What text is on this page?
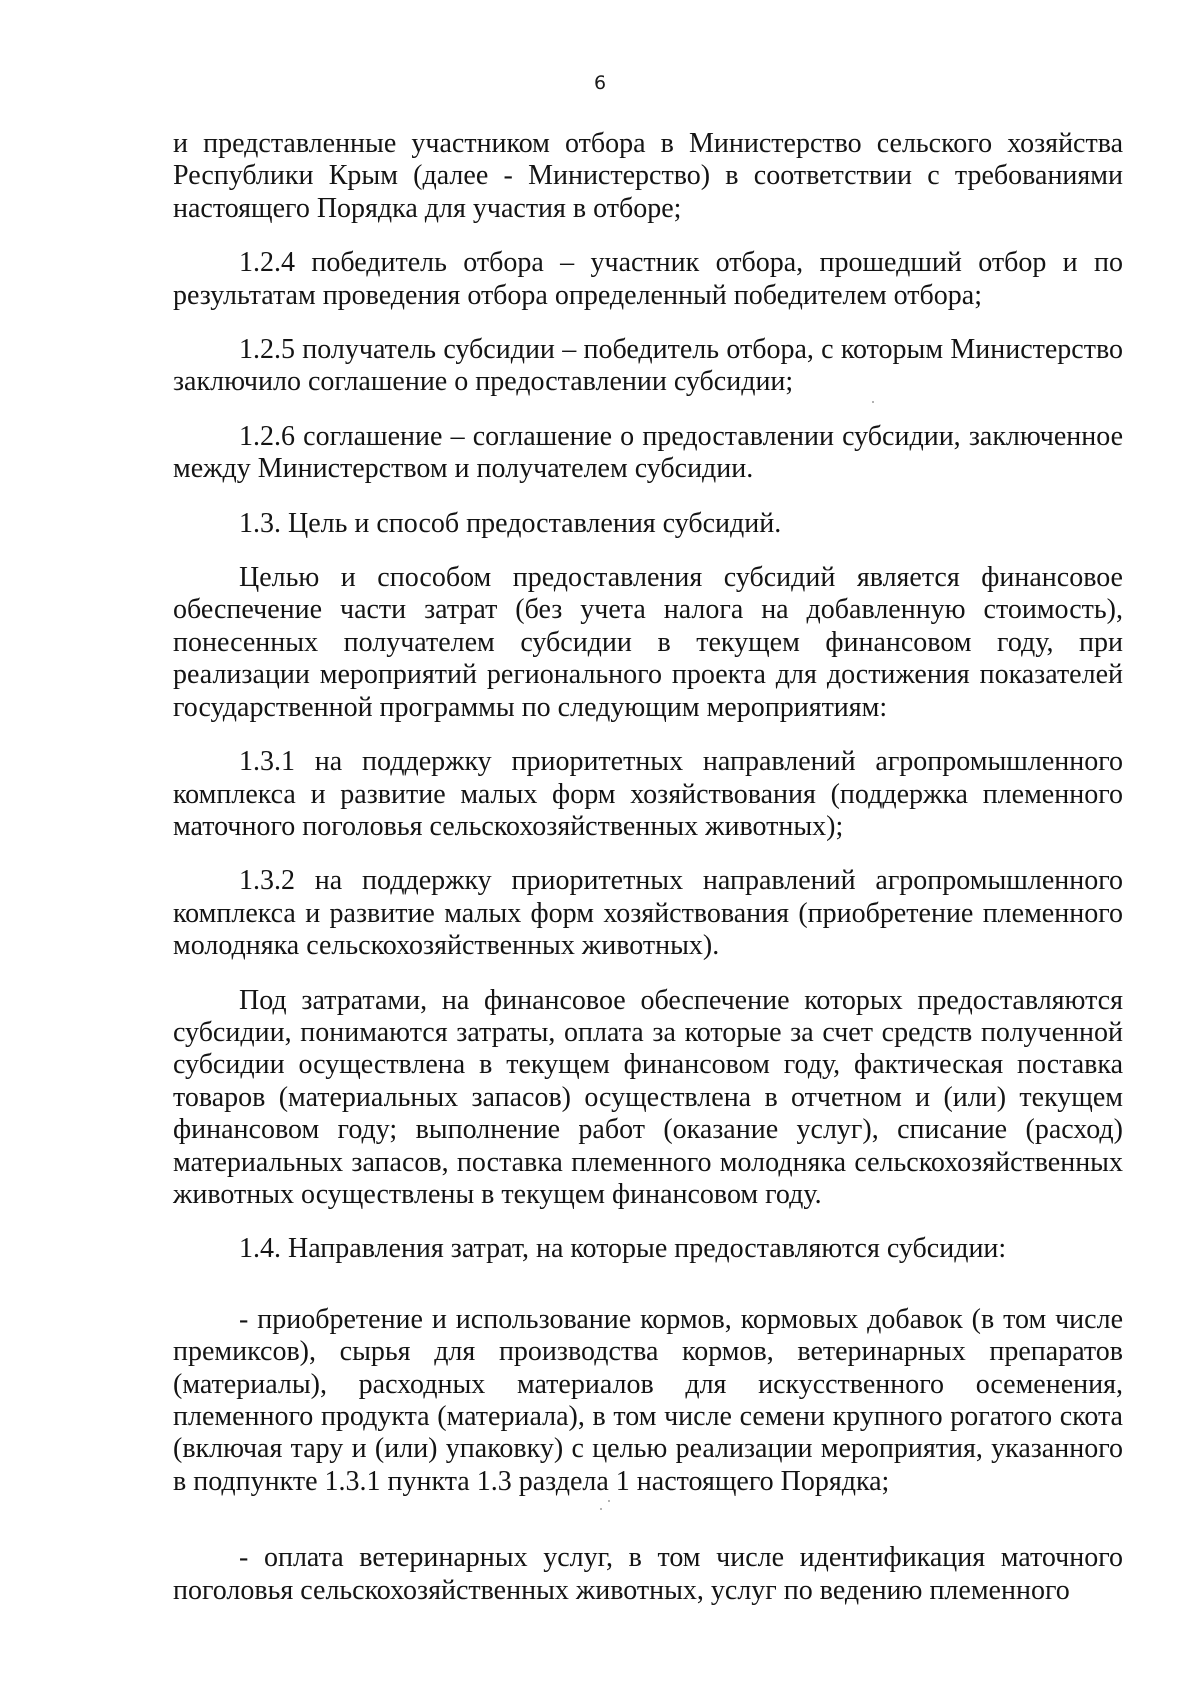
6

и представленные участником отбора в Министерство сельского хозяйства Республики Крым (далее - Министерство) в соответствии с требованиями настоящего Порядка для участия в отборе;

1.2.4 победитель отбора – участник отбора, прошедший отбор и по результатам проведения отбора определенный победителем отбора;

1.2.5 получатель субсидии – победитель отбора, с которым Министерство заключило соглашение о предоставлении субсидии;

1.2.6 соглашение – соглашение о предоставлении субсидии, заключенное между Министерством и получателем субсидии.

1.3. Цель и способ предоставления субсидий.

Целью и способом предоставления субсидий является финансовое обеспечение части затрат (без учета налога на добавленную стоимость), понесенных получателем субсидии в текущем финансовом году, при реализации мероприятий регионального проекта для достижения показателей государственной программы по следующим мероприятиям:

1.3.1 на поддержку приоритетных направлений агропромышленного комплекса и развитие малых форм хозяйствования (поддержка племенного маточного поголовья сельскохозяйственных животных);

1.3.2 на поддержку приоритетных направлений агропромышленного комплекса и развитие малых форм хозяйствования (приобретение племенного молодняка сельскохозяйственных животных).

Под затратами, на финансовое обеспечение которых предоставляются субсидии, понимаются затраты, оплата за которые за счет средств полученной субсидии осуществлена в текущем финансовом году, фактическая поставка товаров (материальных запасов) осуществлена в отчетном и (или) текущем финансовом году; выполнение работ (оказание услуг), списание (расход) материальных запасов, поставка племенного молодняка сельскохозяйственных животных осуществлены в текущем финансовом году.

1.4. Направления затрат, на которые предоставляются субсидии:

- приобретение и использование кормов, кормовых добавок (в том числе премиксов), сырья для производства кормов, ветеринарных препаратов (материалы), расходных материалов для искусственного осеменения, племенного продукта (материала), в том числе семени крупного рогатого скота (включая тару и (или) упаковку) с целью реализации мероприятия, указанного в подпункте 1.3.1 пункта 1.3 раздела 1 настоящего Порядка;

- оплата ветеринарных услуг, в том числе идентификация маточного поголовья сельскохозяйственных животных, услуг по ведению племенного
